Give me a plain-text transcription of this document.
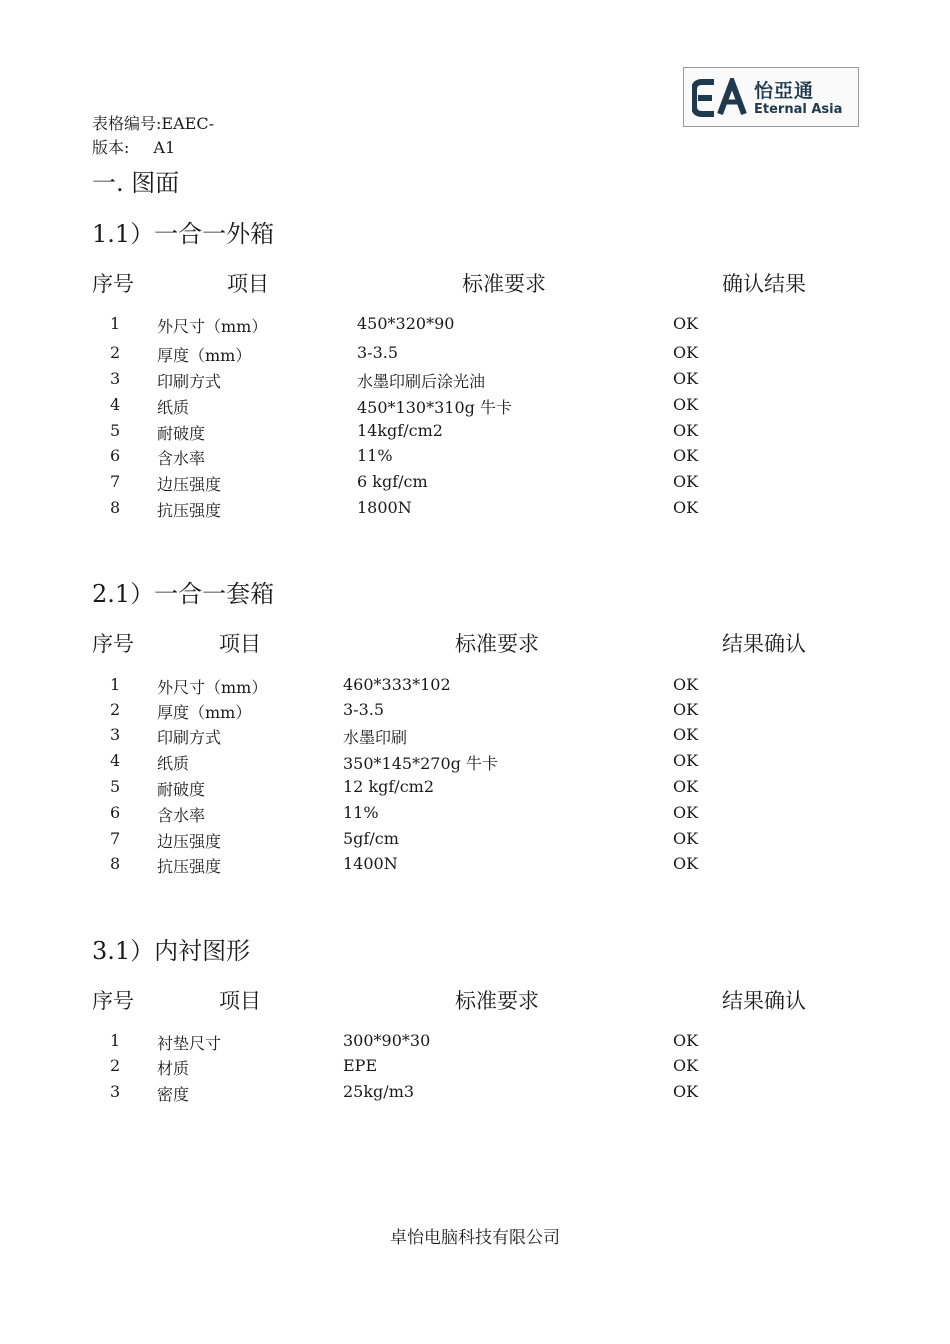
怡亞通
Eternal Asia
表格编号:EAEC-
版本: A1
一. 图面
1.1）一合一外箱
序号	项目	标准要求	确认结果
1 外尺寸（mm）	450*320*90	OK
2 厚度（mm）	3-3.5	OK
3 印刷方式	水墨印刷后涂光油	OK
4 纸质	450*130*310g 牛卡	OK
5 耐破度	14kgf/cm2	OK
6 含水率	11%	OK
7 边压强度	6 kgf/cm	OK
8 抗压强度	1800N	OK
2.1）一合一套箱
序号	项目	标准要求	结果确认
1 外尺寸（mm）	460*333*102	OK
2 厚度（mm）	3-3.5	OK
3 印刷方式	水墨印刷	OK
4 纸质	350*145*270g 牛卡	OK
5 耐破度	12 kgf/cm2	OK
6 含水率	11%	OK
7 边压强度	5gf/cm	OK
8 抗压强度	1400N	OK
3.1）内衬图形
序号	项目	标准要求	结果确认
1 衬垫尺寸	300*90*30	OK
2 材质	EPE	OK
3 密度	25kg/m3	OK
卓怡电脑科技有限公司
